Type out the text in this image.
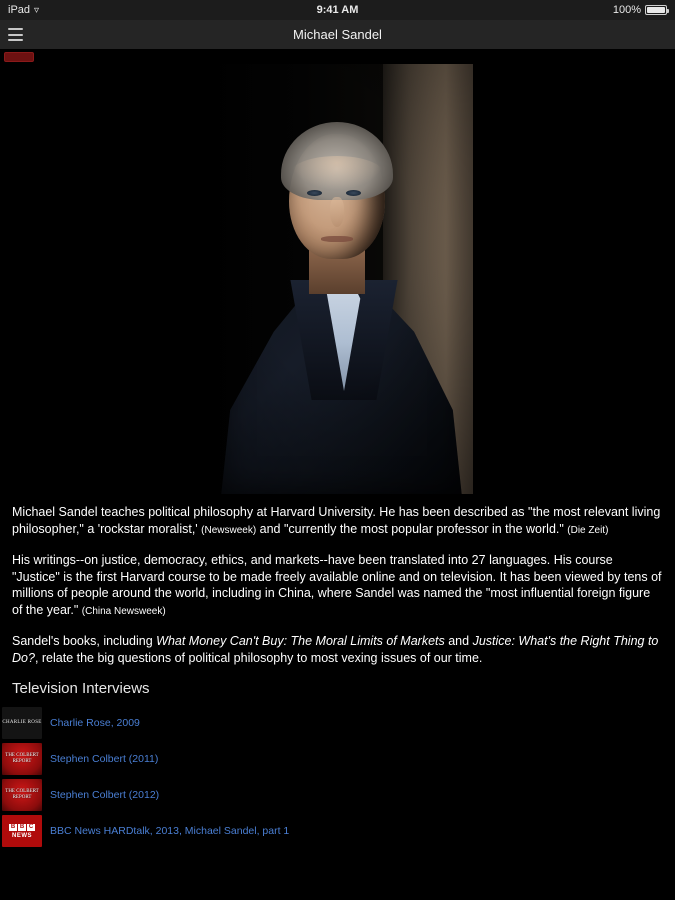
iPad ▿	9:41 AM	100%
Michael Sandel

Michael Sandel teaches political philosophy at Harvard University. He has been described as "the most relevant living philosopher," a 'rockstar moralist,' (Newsweek) and "currently the most popular professor in the world." (Die Zeit)

His writings--on justice, democracy, ethics, and markets--have been translated into 27 languages. His course "Justice" is the first Harvard course to be made freely available online and on television. It has been viewed by tens of millions of people around the world, including in China, where Sandel was named the "most influential foreign figure of the year." (China Newsweek)

Sandel's books, including What Money Can't Buy: The Moral Limits of Markets and Justice: What's the Right Thing to Do?, relate the big questions of political philosophy to most vexing issues of our time.

Television Interviews
CHARLIE ROSE Charlie Rose, 2009
THE COLBERT REPORT	Stephen Colbert (2011)
THE COLBERT REPORT	Stephen Colbert (2012)
B B C
NEWS BBC News HARDtalk, 2013, Michael Sandel, part 1
